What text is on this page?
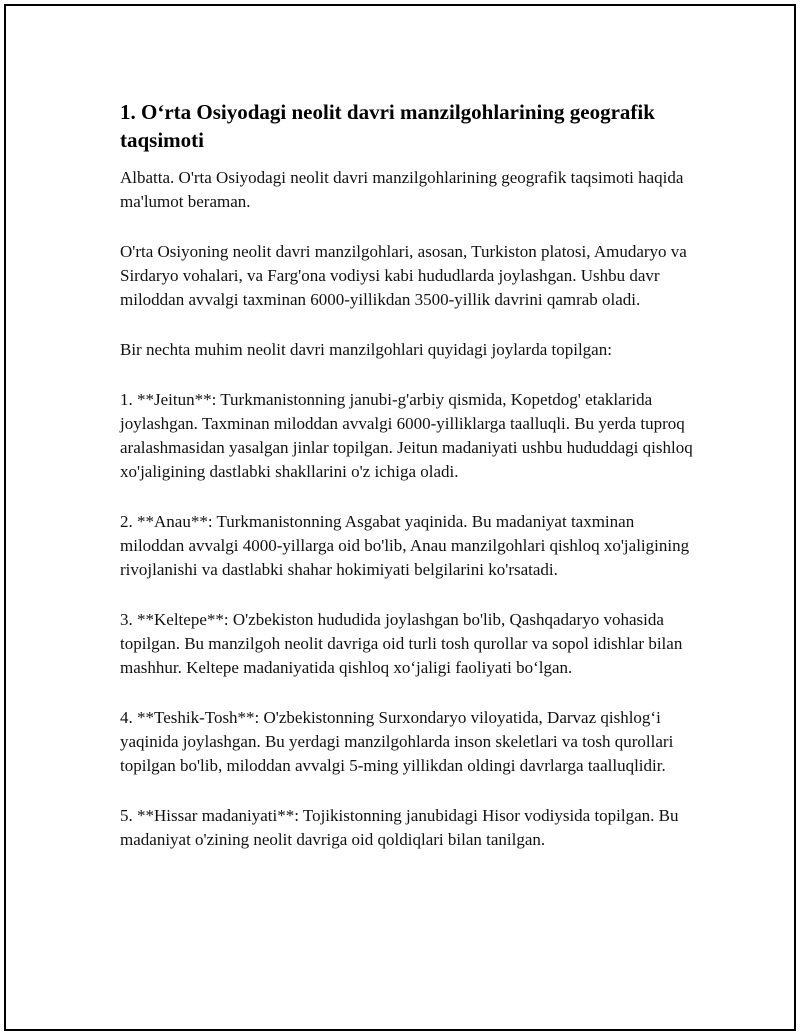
1. O‘rta Osiyodagi neolit davri manzilgohlarining geografik taqsimoti

Albatta. O'rta Osiyodagi neolit davri manzilgohlarining geografik taqsimoti haqida ma'lumot beraman.

O'rta Osiyoning neolit davri manzilgohlari, asosan, Turkiston platosi, Amudaryo va Sirdaryo vohalari, va Farg'ona vodiysi kabi hududlarda joylashgan. Ushbu davr miloddan avvalgi taxminan 6000-yillikdan 3500-yillik davrini qamrab oladi.

Bir nechta muhim neolit davri manzilgohlari quyidagi joylarda topilgan:

1. **Jeitun**: Turkmanistonning janubi-g'arbiy qismida, Kopetdog' etaklarida joylashgan. Taxminan miloddan avvalgi 6000-yilliklarga taalluqli. Bu yerda tuproq aralashmasidan yasalgan jinlar topilgan. Jeitun madaniyati ushbu hududdagi qishloq xo'jaligining dastlabki shakllarini o'z ichiga oladi.

2. **Anau**: Turkmanistonning Asgabat yaqinida. Bu madaniyat taxminan miloddan avvalgi 4000-yillarga oid bo'lib, Anau manzilgohlari qishloq xo'jaligining rivojlanishi va dastlabki shahar hokimiyati belgilarini ko'rsatadi.

3. **Keltepe**: O'zbekiston hududida joylashgan bo'lib, Qashqadaryo vohasida topilgan. Bu manzilgoh neolit davriga oid turli tosh qurollar va sopol idishlar bilan mashhur. Keltepe madaniyatida qishloq xo‘jaligi faoliyati bo‘lgan.

4. **Teshik-Tosh**: O'zbekistonning Surxondaryo viloyatida, Darvaz qishlog‘i yaqinida joylashgan. Bu yerdagi manzilgohlarda inson skeletlari va tosh qurollari topilgan bo'lib, miloddan avvalgi 5-ming yillikdan oldingi davrlarga taalluqlidir.

5. **Hissar madaniyati**: Tojikistonning janubidagi Hisor vodiysida topilgan. Bu madaniyat o'zining neolit davriga oid qoldiqlari bilan tanilgan.
